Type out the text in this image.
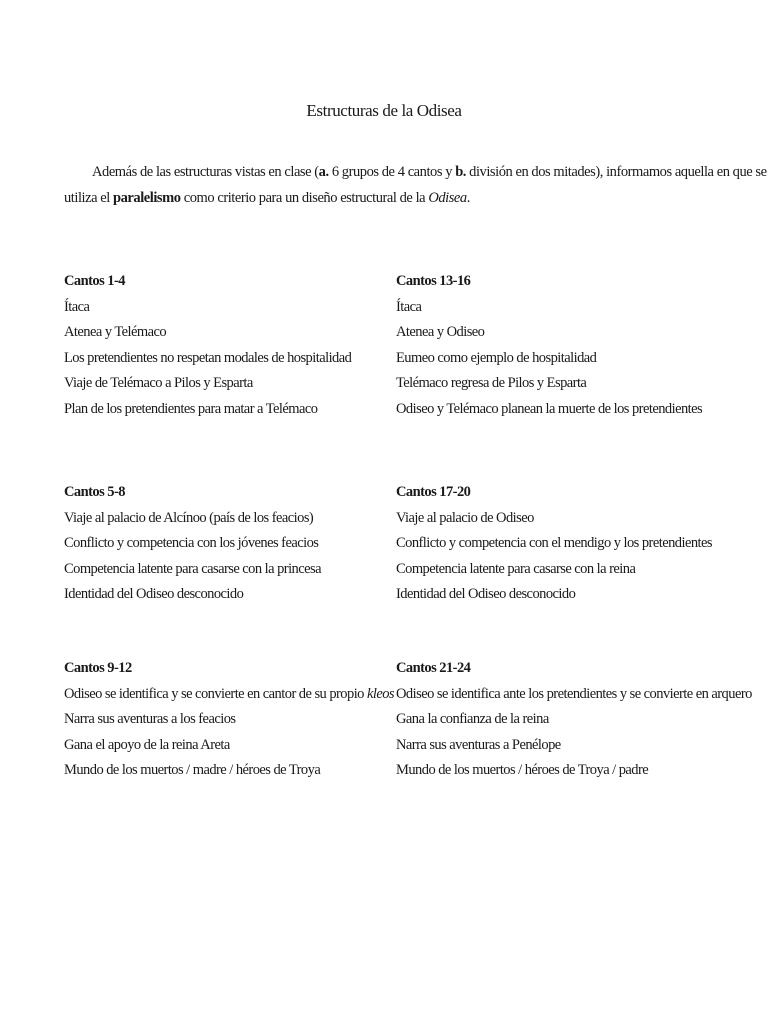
Estructuras de la Odisea

Además de las estructuras vistas en clase (a. 6 grupos de 4 cantos y b. división en dos mitades), informamos aquella en que se
utiliza el paralelismo como criterio para un diseño estructural de la Odisea.

Cantos 1-4
Ítaca
Atenea y Telémaco
Los pretendientes no respetan modales de hospitalidad
Viaje de Telémaco a Pilos y Esparta
Plan de los pretendientes para matar a Telémaco
Cantos 13-16
Ítaca
Atenea y Odiseo
Eumeo como ejemplo de hospitalidad
Telémaco regresa de Pilos y Esparta
Odiseo y Telémaco planean la muerte de los pretendientes
Cantos 5-8
Viaje al palacio de Alcínoo (país de los feacios)
Conflicto y competencia con los jóvenes feacios
Competencia latente para casarse con la princesa
Identidad del Odiseo desconocido
Cantos 17-20
Viaje al palacio de Odiseo
Conflicto y competencia con el mendigo y los pretendientes
Competencia latente para casarse con la reina
Identidad del Odiseo desconocido
Cantos 9-12
Odiseo se identifica y se convierte en cantor de su propio kleos
Narra sus aventuras a los feacios
Gana el apoyo de la reina Areta
Mundo de los muertos / madre / héroes de Troya
Cantos 21-24
Odiseo se identifica ante los pretendientes y se convierte en arquero
Gana la confianza de la reina
Narra sus aventuras a Penélope
Mundo de los muertos / héroes de Troya / padre
